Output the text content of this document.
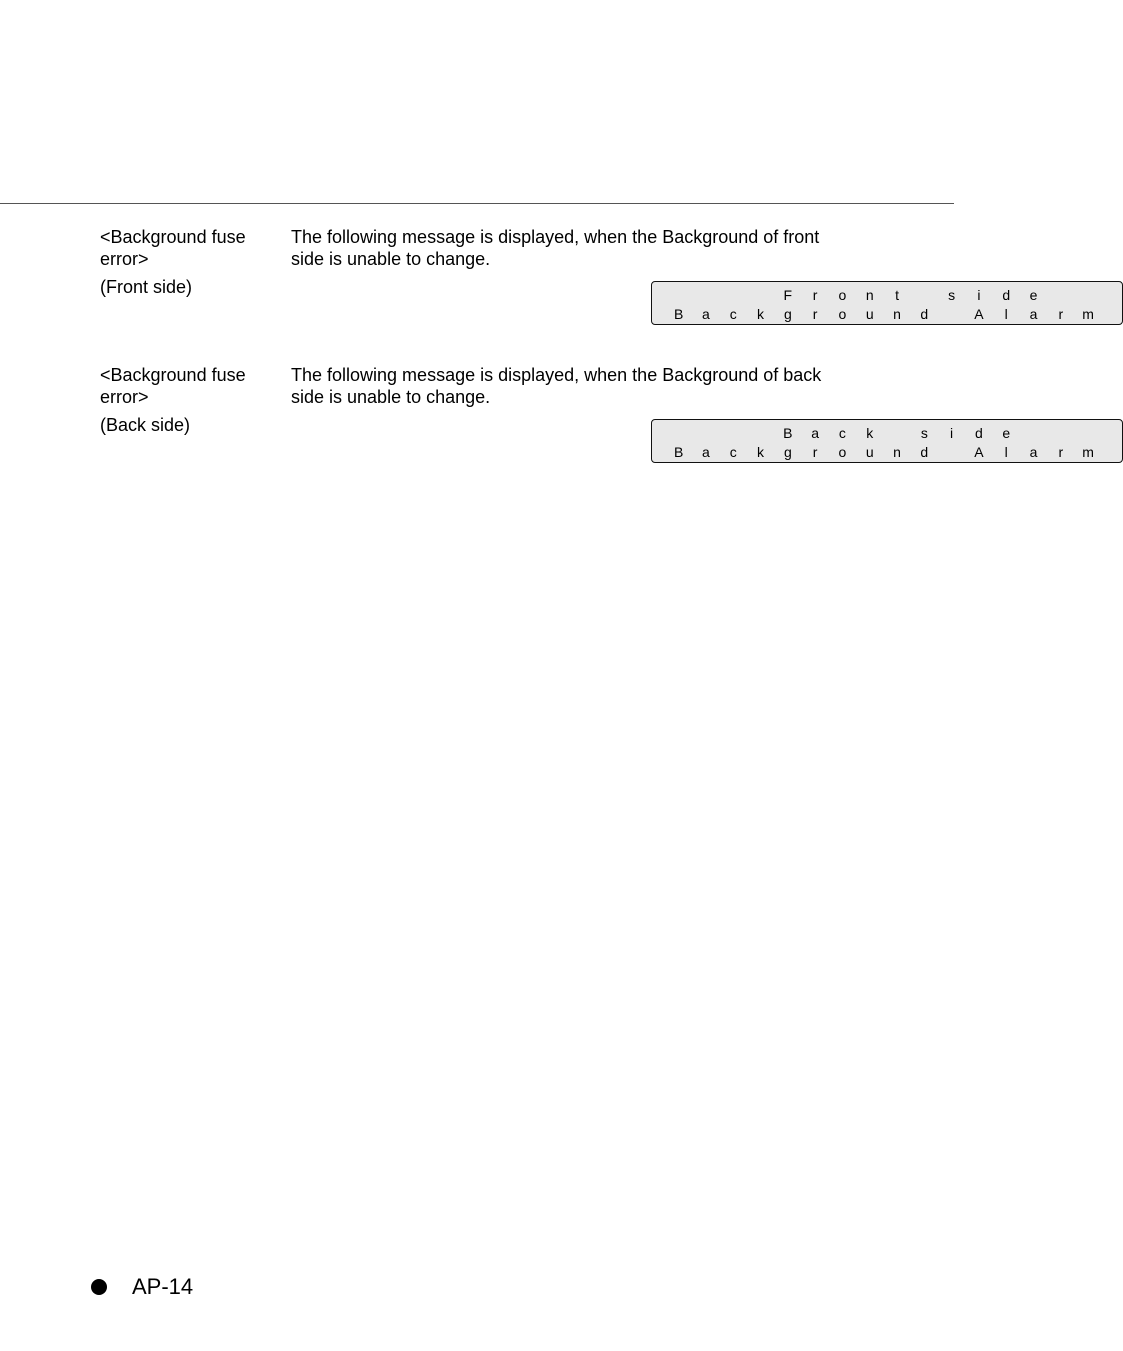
<Background fuse error>
(Front side)
The following message is displayed, when the Background of front side is unable to change.

F	r	o	n	t
	s	i	d	e
B	a	c	k	g	r	o	u	n	d
	A	l	a	r	m
<Background fuse error>
(Back side)
The following message is displayed, when the Background of back side is unable to change.

B	a	c	k
	s	i	d	e
B	a	c	k	g	r	o	u	n	d
	A	l	a	r	m
AP-14
